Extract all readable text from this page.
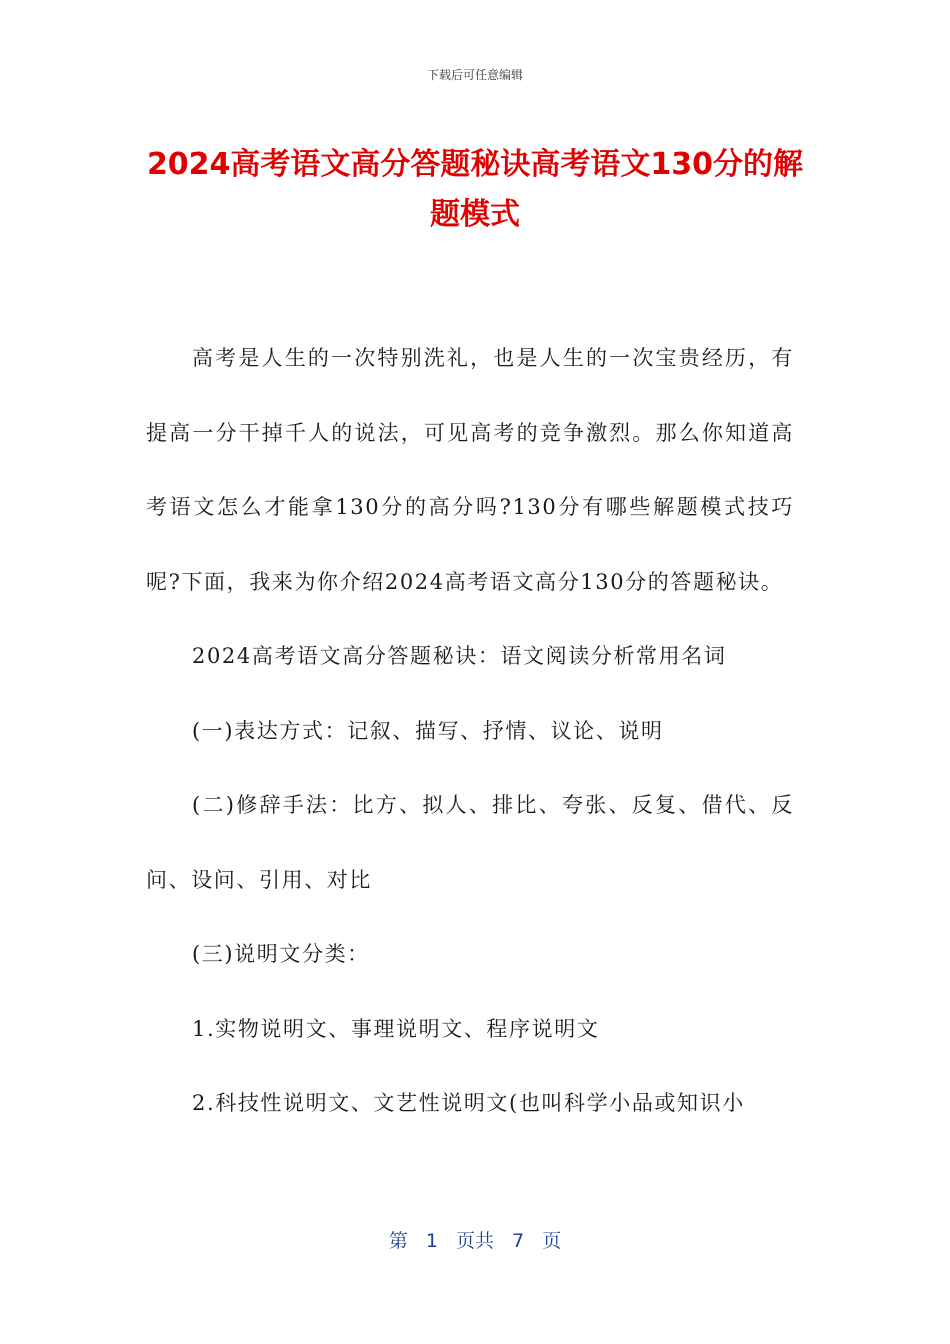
下载后可任意编辑
2024高考语文高分答题秘诀高考语文130分的解题模式

高考是人生的一次特别洗礼，也是人生的一次宝贵经历，有提高一分干掉千人的说法，可见高考的竞争激烈。那么你知道高考语文怎么才能拿130分的高分吗?130分有哪些解题模式技巧呢?下面，我来为你介绍2024高考语文高分130分的答题秘诀。

2024高考语文高分答题秘诀：语文阅读分析常用名词

(一)表达方式：记叙、描写、抒情、议论、说明

(二)修辞手法：比方、拟人、排比、夸张、反复、借代、反问、设问、引用、对比

(三)说明文分类：

1.实物说明文、事理说明文、程序说明文

2.科技性说明文、文艺性说明文(也叫科学小品或知识小

第 1 页共 7 页
